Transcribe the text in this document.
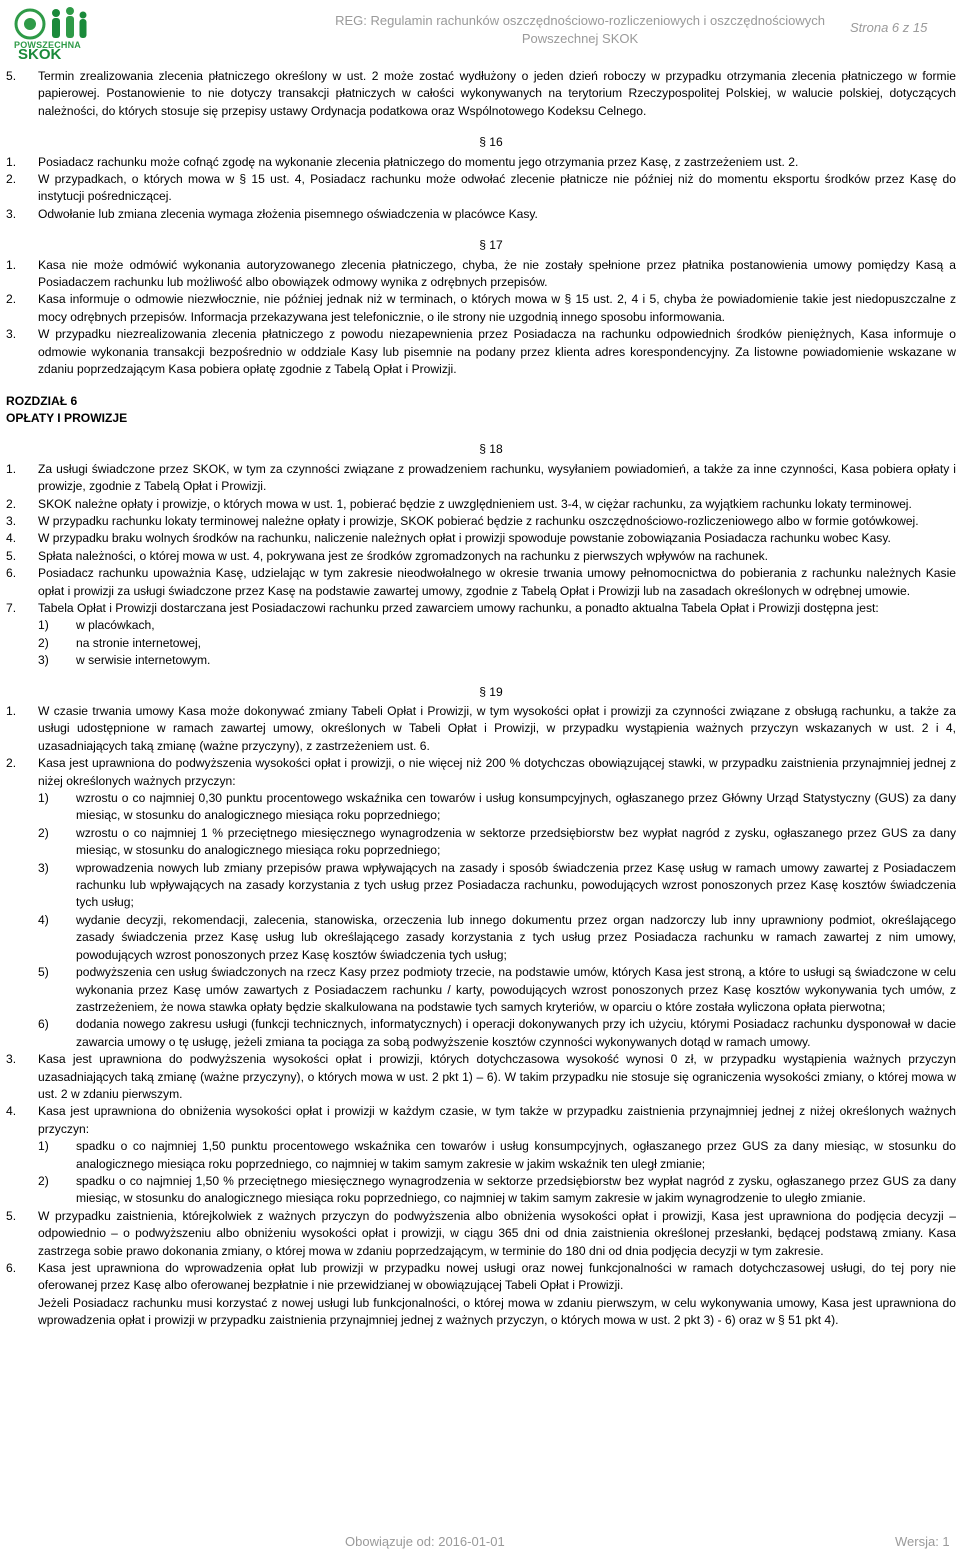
POWSZECHNA
SKOK
REG: Regulamin rachunków oszczędnościowo-rozliczeniowych i oszczędnościowych Powszechnej SKOK
Strona 6 z 15
5.	Termin zrealizowania zlecenia płatniczego określony w ust. 2 może zostać wydłużony o jeden dzień roboczy w przypadku otrzymania zlecenia płatniczego w formie papierowej. Postanowienie to nie dotyczy transakcji płatniczych w całości wykonywanych na terytorium Rzeczypospolitej Polskiej, w walucie polskiej, dotyczących należności, do których stosuje się przepisy ustawy Ordynacja podatkowa oraz Wspólnotowego Kodeksu Celnego.
§ 16
1.	Posiadacz rachunku może cofnąć zgodę na wykonanie zlecenia płatniczego do momentu jego otrzymania przez Kasę, z zastrzeżeniem ust. 2.
2.	W przypadkach, o których mowa w § 15 ust. 4, Posiadacz rachunku może odwołać zlecenie płatnicze nie później niż do momentu eksportu środków przez Kasę do instytucji pośredniczącej.
3.	Odwołanie lub zmiana zlecenia wymaga złożenia pisemnego oświadczenia w placówce Kasy.
§ 17
1.	Kasa nie może odmówić wykonania autoryzowanego zlecenia płatniczego, chyba, że nie zostały spełnione przez płatnika postanowienia umowy pomiędzy Kasą a Posiadaczem rachunku lub możliwość albo obowiązek odmowy wynika z odrębnych przepisów.
2.	Kasa informuje o odmowie niezwłocznie, nie później jednak niż w terminach, o których mowa w § 15 ust. 2, 4 i 5, chyba że powiadomienie takie jest niedopuszczalne z mocy odrębnych przepisów. Informacja przekazywana jest telefonicznie, o ile strony nie uzgodnią innego sposobu informowania.
3.	W przypadku niezrealizowania zlecenia płatniczego z powodu niezapewnienia przez Posiadacza na rachunku odpowiednich środków pieniężnych, Kasa informuje o odmowie wykonania transakcji bezpośrednio w oddziale Kasy lub pisemnie na podany przez klienta adres korespondencyjny. Za listowne powiadomienie wskazane w zdaniu poprzedzającym Kasa pobiera opłatę zgodnie z Tabelą Opłat i Prowizji.
ROZDZIAŁ 6
OPŁATY I PROWIZJE
§ 18
1.	Za usługi świadczone przez SKOK, w tym za czynności związane z prowadzeniem rachunku, wysyłaniem powiadomień, a także za inne czynności, Kasa pobiera opłaty i prowizje, zgodnie z Tabelą Opłat i Prowizji.
2.	SKOK należne opłaty i prowizje, o których mowa w ust. 1, pobierać będzie z uwzględnieniem ust. 3-4, w ciężar rachunku, za wyjątkiem rachunku lokaty terminowej.
3.	W przypadku rachunku lokaty terminowej należne opłaty i prowizje, SKOK pobierać będzie z rachunku oszczędnościowo-rozliczeniowego albo w formie gotówkowej.
4.	W przypadku braku wolnych środków na rachunku, naliczenie należnych opłat i prowizji spowoduje powstanie zobowiązania Posiadacza rachunku wobec Kasy.
5.	Spłata należności, o której mowa w ust. 4, pokrywana jest ze środków zgromadzonych na rachunku z pierwszych wpływów na rachunek.
6.	Posiadacz rachunku upoważnia Kasę, udzielając w tym zakresie nieodwołalnego w okresie trwania umowy pełnomocnictwa do pobierania z rachunku należnych Kasie opłat i prowizji za usługi świadczone przez Kasę na podstawie zawartej umowy, zgodnie z Tabelą Opłat i Prowizji lub na zasadach określonych w odrębnej umowie.
7.	Tabela Opłat i Prowizji dostarczana jest Posiadaczowi rachunku przed zawarciem umowy rachunku, a ponadto aktualna Tabela Opłat i Prowizji dostępna jest:
1)	w placówkach,
2)	na stronie internetowej,
3)	w serwisie internetowym.
§ 19
1.	W czasie trwania umowy Kasa może dokonywać zmiany Tabeli Opłat i Prowizji, w tym wysokości opłat i prowizji za czynności związane z obsługą rachunku, a także za usługi udostępnione w ramach zawartej umowy, określonych w Tabeli Opłat i Prowizji, w przypadku wystąpienia ważnych przyczyn wskazanych w ust. 2 i 4, uzasadniających taką zmianę (ważne przyczyny), z zastrzeżeniem ust. 6.
2.	Kasa jest uprawniona do podwyższenia wysokości opłat i prowizji, o nie więcej niż 200 % dotychczas obowiązującej stawki, w przypadku zaistnienia przynajmniej jednej z niżej określonych ważnych przyczyn:
1)	wzrostu o co najmniej 0,30 punktu procentowego wskaźnika cen towarów i usług konsumpcyjnych, ogłaszanego przez Główny Urząd Statystyczny (GUS) za dany miesiąc, w stosunku do analogicznego miesiąca roku poprzedniego;
2)	wzrostu o co najmniej 1 % przeciętnego miesięcznego wynagrodzenia w sektorze przedsiębiorstw bez wypłat nagród z zysku, ogłaszanego przez GUS za dany miesiąc, w stosunku do analogicznego miesiąca roku poprzedniego;
3)	wprowadzenia nowych lub zmiany przepisów prawa wpływających na zasady i sposób świadczenia przez Kasę usług w ramach umowy zawartej z Posiadaczem rachunku lub wpływających na zasady korzystania z tych usług przez Posiadacza rachunku, powodujących wzrost ponoszonych przez Kasę kosztów świadczenia tych usług;
4)	wydanie decyzji, rekomendacji, zalecenia, stanowiska, orzeczenia lub innego dokumentu przez organ nadzorczy lub inny uprawniony podmiot, określającego zasady świadczenia przez Kasę usług lub określającego zasady korzystania z tych usług przez Posiadacza rachunku w ramach zawartej z nim umowy, powodujących wzrost ponoszonych przez Kasę kosztów świadczenia tych usług;
5)	podwyższenia cen usług świadczonych na rzecz Kasy przez podmioty trzecie, na podstawie umów, których Kasa jest stroną, a które to usługi są świadczone w celu wykonania przez Kasę umów zawartych z Posiadaczem rachunku / karty, powodujących wzrost ponoszonych przez Kasę kosztów wykonywania tych umów, z zastrzeżeniem, że nowa stawka opłaty będzie skalkulowana na podstawie tych samych kryteriów, w oparciu o które została wyliczona opłata pierwotna;
6)	dodania nowego zakresu usługi (funkcji technicznych, informatycznych) i operacji dokonywanych przy ich użyciu, którymi Posiadacz rachunku dysponował w dacie zawarcia umowy o tę usługę, jeżeli zmiana ta pociąga za sobą podwyższenie kosztów czynności wykonywanych dotąd w ramach umowy.
3.	Kasa jest uprawniona do podwyższenia wysokości opłat i prowizji, których dotychczasowa wysokość wynosi 0 zł, w przypadku wystąpienia ważnych przyczyn uzasadniających taką zmianę (ważne przyczyny), o których mowa w ust. 2 pkt 1) – 6). W takim przypadku nie stosuje się ograniczenia wysokości zmiany, o której mowa w ust. 2 w zdaniu pierwszym.
4.	Kasa jest uprawniona do obniżenia wysokości opłat i prowizji w każdym czasie, w tym także w przypadku zaistnienia przynajmniej jednej z niżej określonych ważnych przyczyn:
1)	spadku o co najmniej 1,50 punktu procentowego wskaźnika cen towarów i usług konsumpcyjnych, ogłaszanego przez GUS za dany miesiąc, w stosunku do analogicznego miesiąca roku poprzedniego, co najmniej w takim samym zakresie w jakim wskaźnik ten uległ zmianie;
2)	spadku o co najmniej 1,50 % przeciętnego miesięcznego wynagrodzenia w sektorze przedsiębiorstw bez wypłat nagród z zysku, ogłaszanego przez GUS za dany miesiąc, w stosunku do analogicznego miesiąca roku poprzedniego, co najmniej w takim samym zakresie w jakim wynagrodzenie to uległo zmianie.
5.	W przypadku zaistnienia, którejkolwiek z ważnych przyczyn do podwyższenia albo obniżenia wysokości opłat i prowizji, Kasa jest uprawniona do podjęcia decyzji – odpowiednio – o podwyższeniu albo obniżeniu wysokości opłat i prowizji, w ciągu 365 dni od dnia zaistnienia określonej przesłanki, będącej podstawą zmiany. Kasa zastrzega sobie prawo dokonania zmiany, o której mowa w zdaniu poprzedzającym, w terminie do 180 dni od dnia podjęcia decyzji w tym zakresie.
6.	Kasa jest uprawniona do wprowadzenia opłat lub prowizji w przypadku nowej usługi oraz nowej funkcjonalności w ramach dotychczasowej usługi, do tej pory nie oferowanej przez Kasę albo oferowanej bezpłatnie i nie przewidzianej w obowiązującej Tabeli Opłat i Prowizji.
Jeżeli Posiadacz rachunku musi korzystać z nowej usługi lub funkcjonalności, o której mowa w zdaniu pierwszym, w celu wykonywania umowy, Kasa jest uprawniona do wprowadzenia opłat i prowizji w przypadku zaistnienia przynajmniej jednej z ważnych przyczyn, o których mowa w ust. 2 pkt 3) - 6) oraz w § 51 pkt 4).
Obowiązuje od: 2016-01-01	Wersja: 1
